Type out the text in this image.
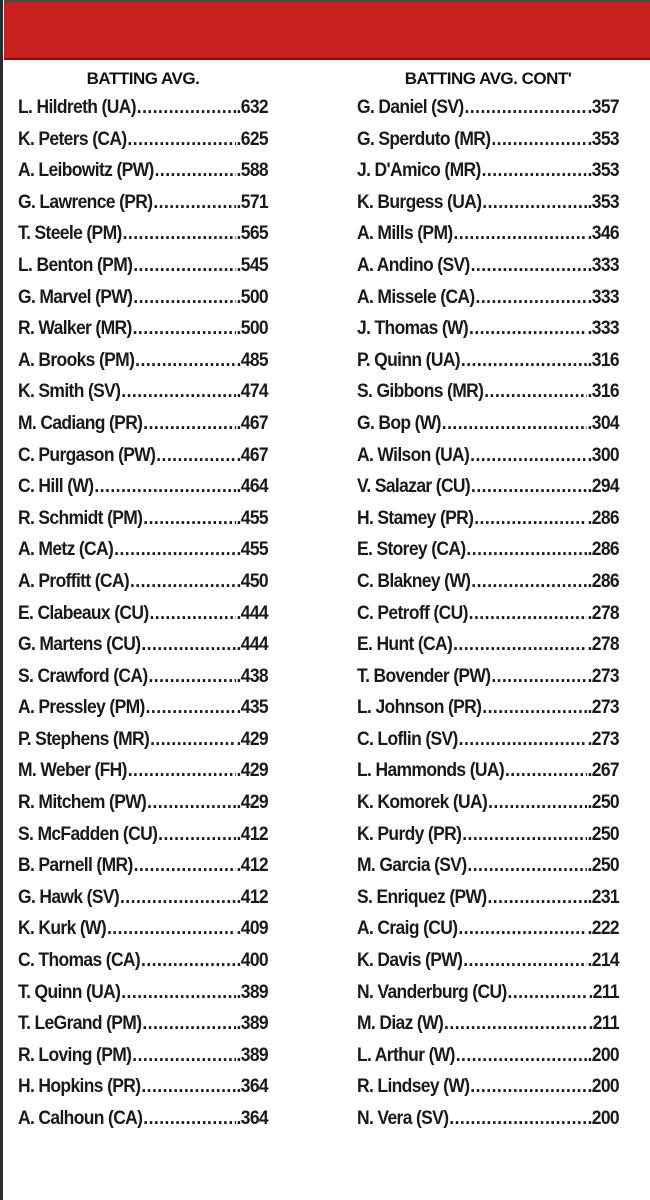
BATTING AVG.
L. Hildreth (UA) .....	.632
K. Peters (CA) .....	.625
A. Leibowitz (PW) .....	.588
G. Lawrence (PR) .....	.571
T. Steele (PM) .....	.565
L. Benton (PM) .....	.545
G. Marvel (PW) .....	.500
R. Walker (MR) .....	.500
A. Brooks (PM) .....	.485
K. Smith (SV) .....	.474
M. Cadiang (PR) .....	.467
C. Purgason (PW) .....	.467
C. Hill (W) .....	.464
R. Schmidt (PM) .....	.455
A. Metz (CA) .....	.455
A. Proffitt (CA) .....	.450
E. Clabeaux (CU) .....	.444
G. Martens (CU) .....	.444
S. Crawford (CA) .....	.438
A. Pressley (PM) .....	.435
P. Stephens (MR) .....	.429
M. Weber (FH) .....	.429
R. Mitchem (PW) .....	.429
S. McFadden (CU) .....	.412
B. Parnell (MR) .....	.412
G. Hawk (SV) .....	.412
K. Kurk (W) .....	.409
C. Thomas (CA) .....	.400
T. Quinn (UA) .....	.389
T. LeGrand (PM) .....	.389
R. Loving (PM) .....	.389
H. Hopkins (PR) .....	.364
A. Calhoun (CA) .....	.364
BATTING AVG. CONT'
G. Daniel (SV) .....	.357
G. Sperduto (MR) .....	.353
J. D'Amico (MR) .....	.353
K. Burgess (UA) .....	.353
A. Mills (PM) .....	.346
A. Andino (SV) .....	.333
A. Missele (CA) .....	.333
J. Thomas (W) .....	.333
P. Quinn (UA) .....	.316
S. Gibbons (MR) .....	.316
G. Bop (W) .....	.304
A. Wilson (UA) .....	.300
V. Salazar (CU) .....	.294
H. Stamey (PR) .....	.286
E. Storey (CA) .....	.286
C. Blakney (W) .....	.286
C. Petroff (CU) .....	.278
E. Hunt (CA) .....	.278
T. Bovender (PW) .....	.273
L. Johnson (PR) .....	.273
C. Loflin (SV) .....	.273
L. Hammonds (UA) .....	.267
K. Komorek (UA) .....	.250
K. Purdy (PR) .....	.250
M. Garcia (SV) .....	.250
S. Enriquez (PW) .....	.231
A. Craig (CU) .....	.222
K. Davis (PW) .....	.214
N. Vanderburg (CU) .....	.211
M. Diaz (W) .....	.211
L. Arthur (W) .....	.200
R. Lindsey (W) .....	.200
N. Vera (SV) .....	.200
